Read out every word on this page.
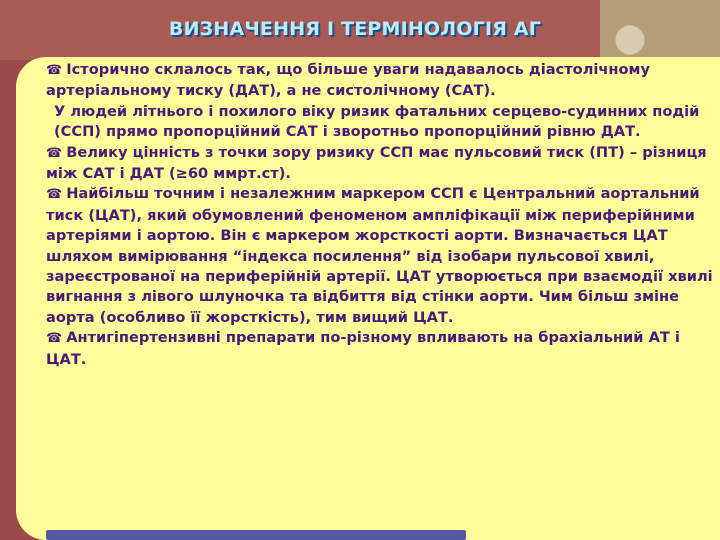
ВИЗНАЧЕННЯ І ТЕРМІНОЛОГІЯ АГ

☎ Історично склалось так, що більше уваги надавалось діастолічному артеріальному тиску (ДАТ), а не систолічному (САТ).

У людей літнього і похилого віку ризик фатальних серцево-судинних подій (ССП) прямо пропорційний САТ і зворотньо пропорційний рівню ДАТ.

☎ Велику цінність з точки зору ризику ССП має пульсовий тиск (ПТ) – різниця між САТ і ДАТ (≥60 ммрт.ст).

☎ Найбільш точним і незалежним маркером ССП є Центральний аортальний тиск (ЦАТ), який обумовлений феноменом ампліфікації між периферійними артеріями і аортою. Він є маркером жорсткості аорти. Визначається ЦАТ шляхом вимірювання “індекса посилення” від ізобари пульсової хвилі, зареєстрованої на периферійній артерії. ЦАТ утворюється при взаємодії хвилі вигнання з лівого шлуночка та відбиття від стінки аорти. Чим більш зміне аорта (особливо її жорсткість), тим вищий ЦАТ.

☎ Антигіпертензивні препарати по-різному впливають на брахіальний АТ і ЦАТ.
